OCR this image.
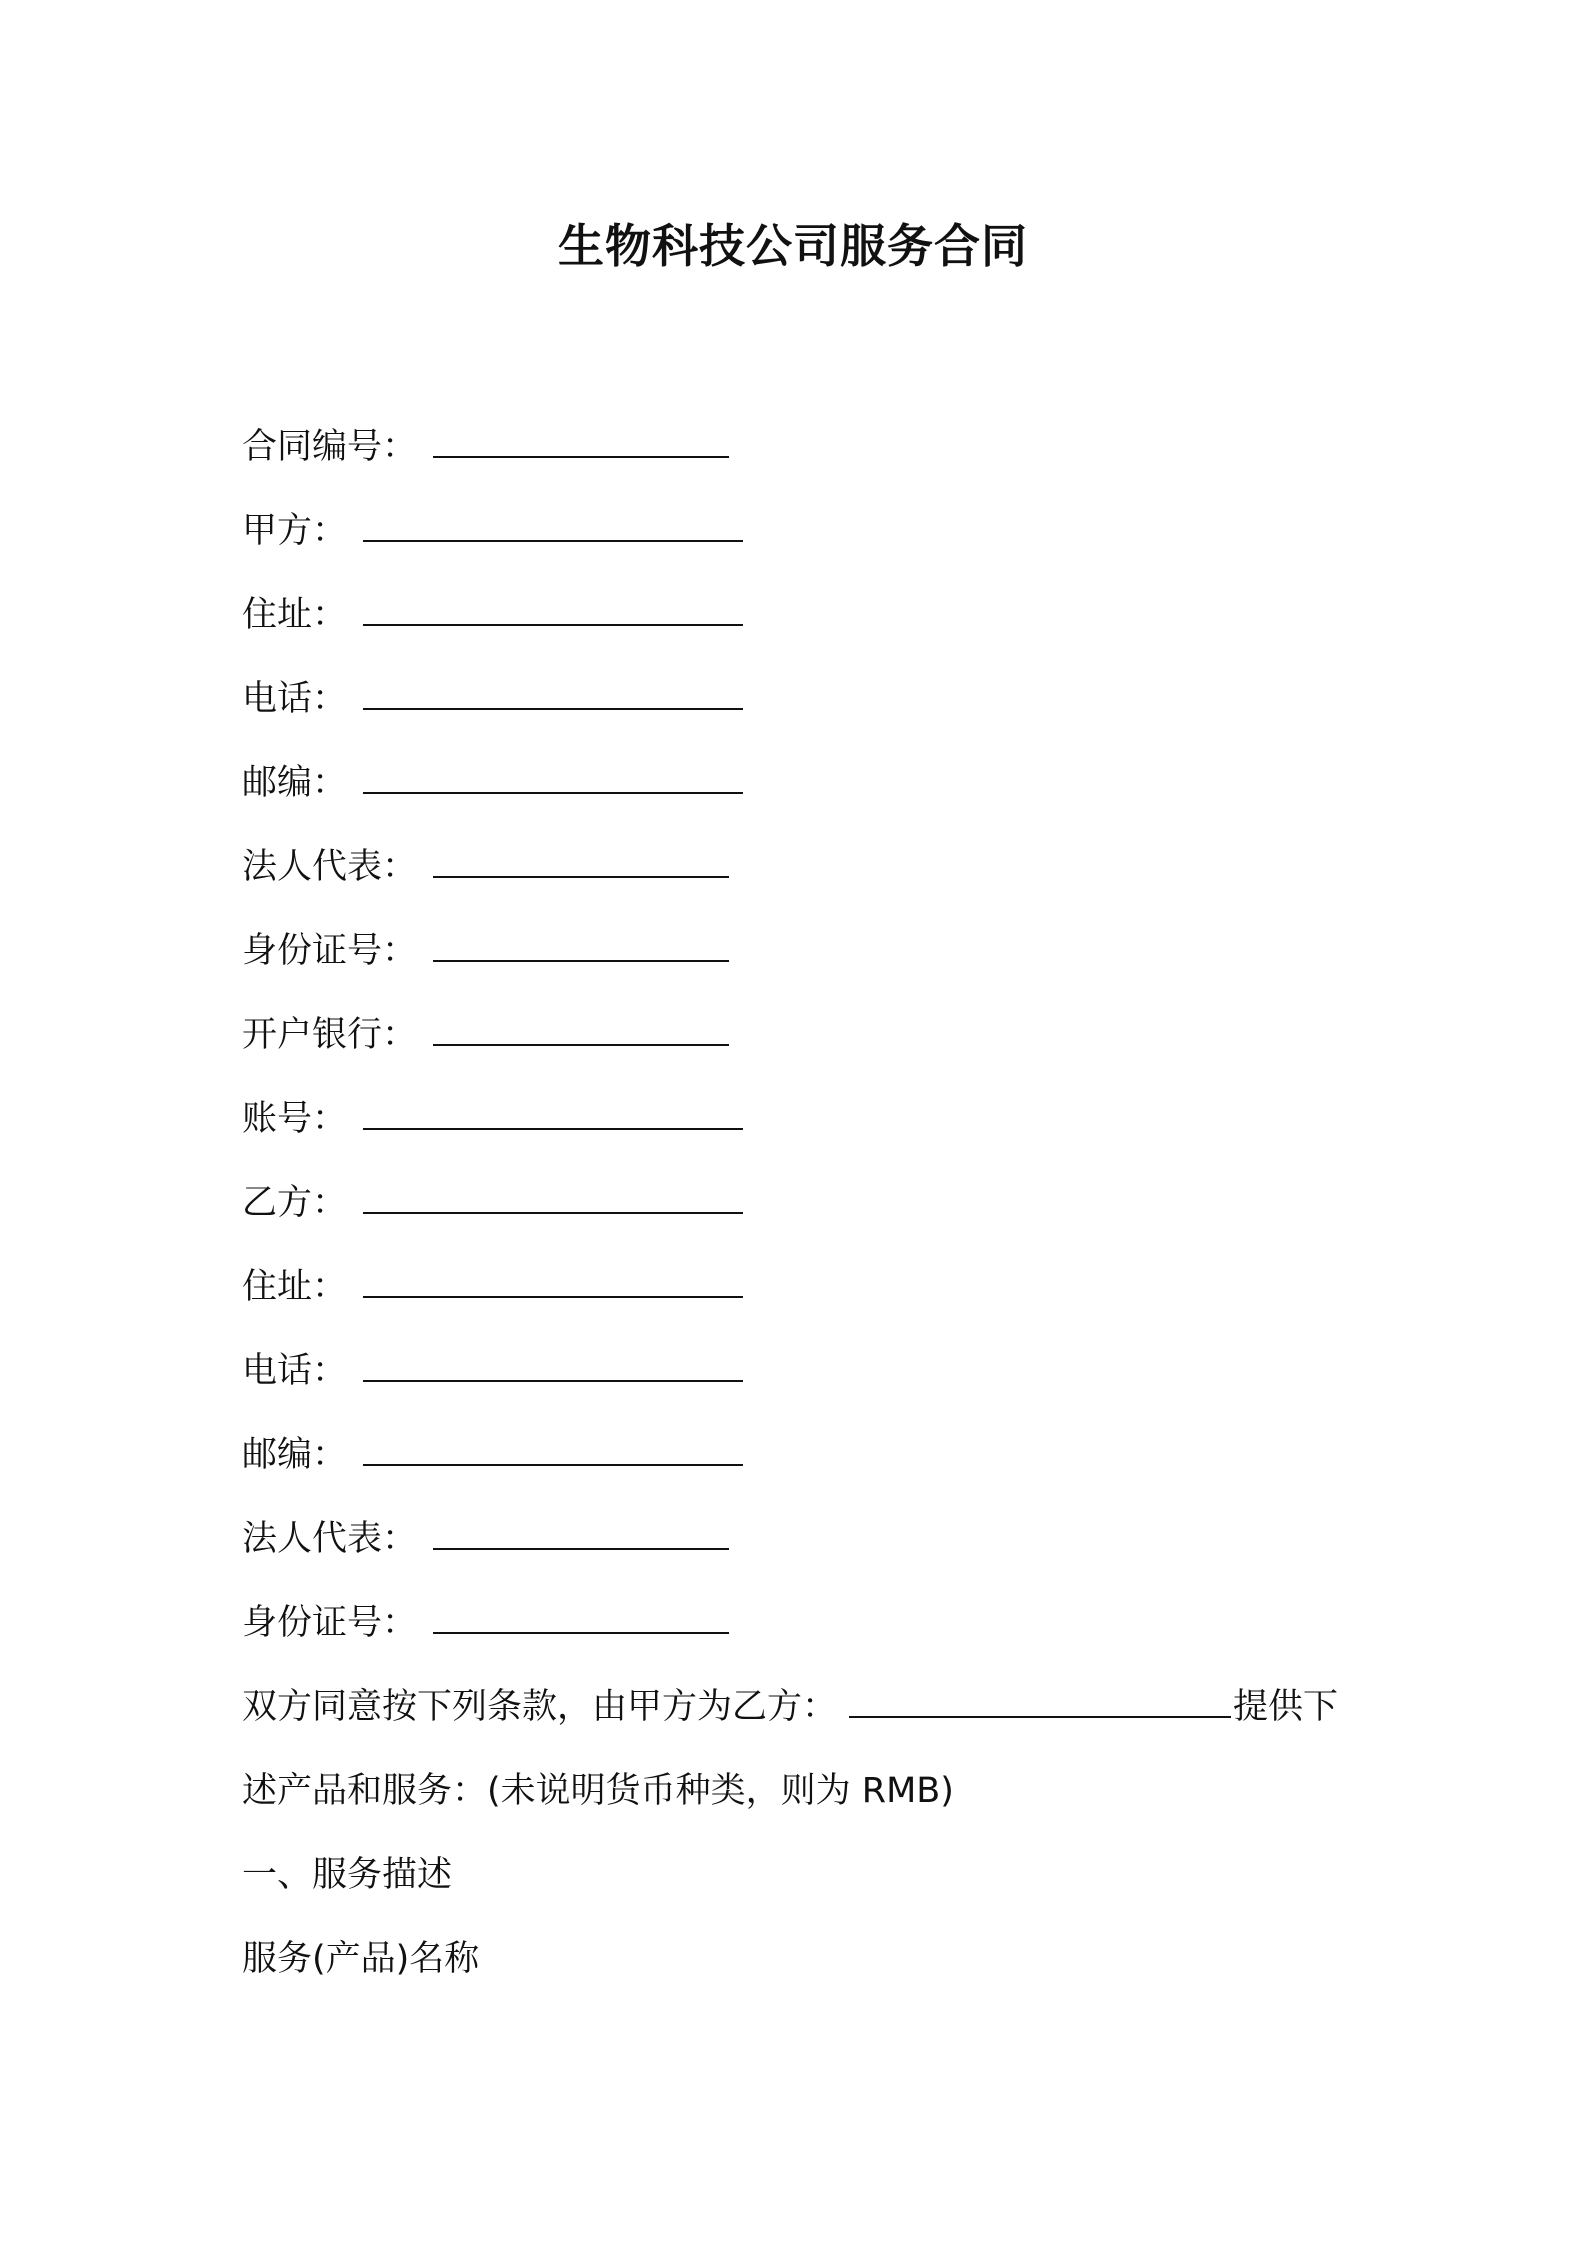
生物科技公司服务合同

合同编号：

甲方：

住址：

电话：

邮编：

法人代表：

身份证号：

开户银行：

账号：

乙方：

住址：

电话：

邮编：

法人代表：

身份证号：

双方同意按下列条款，由甲方为乙方：	提供下

述产品和服务：(未说明货币种类，则为 RMB)

一、服务描述

服务(产品)名称
